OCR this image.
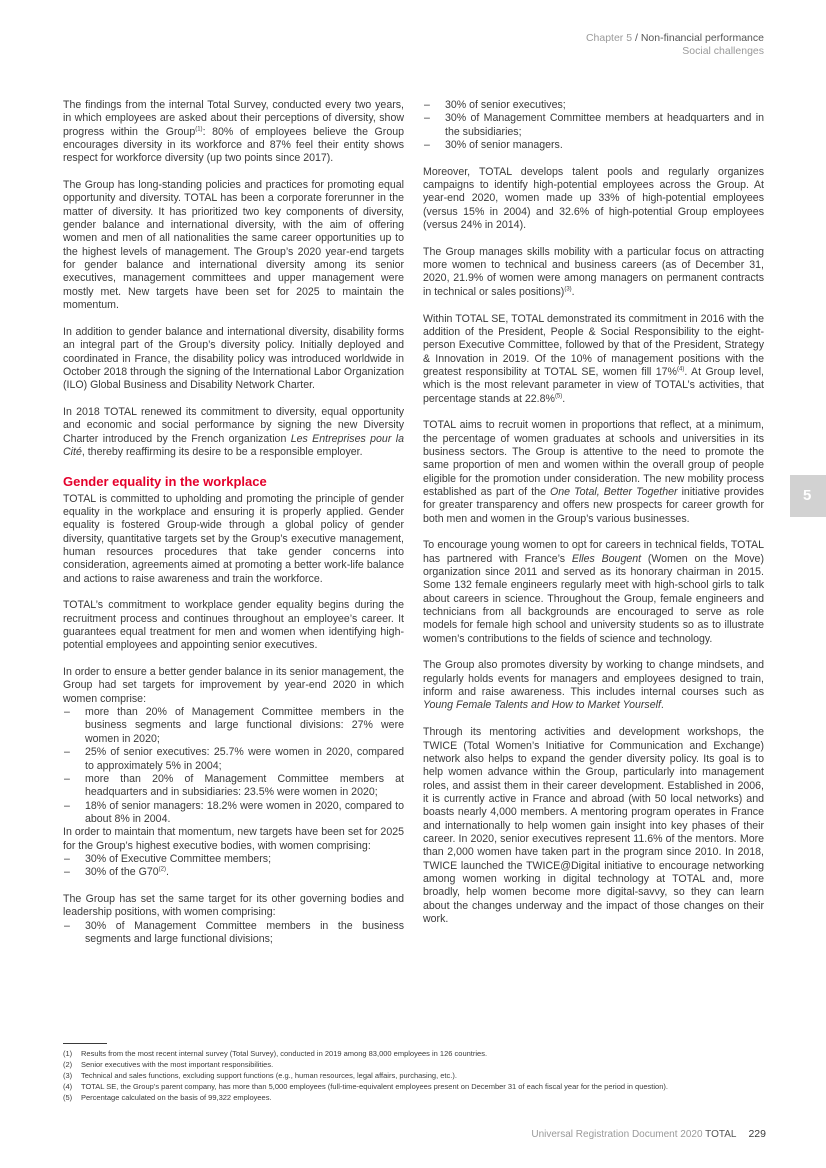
Chapter 5 / Non-financial performance
Social challenges

The findings from the internal Total Survey, conducted every two years, in which employees are asked about their perceptions of diversity, show progress within the Group$^{(1)}$: 80% of employees believe the Group encourages diversity in its workforce and 87% feel their entity shows respect for workforce diversity (up two points since 2017).

The Group has long-standing policies and practices for promoting equal opportunity and diversity. TOTAL has been a corporate forerunner in the matter of diversity. It has prioritized two key components of diversity, gender balance and international diversity, with the aim of offering women and men of all nationalities the same career opportunities up to the highest levels of management. The Group’s 2020 year-end targets for gender balance and international diversity among its senior executives, management committees and upper management were mostly met. New targets have been set for 2025 to maintain the momentum.

In addition to gender balance and international diversity, disability forms an integral part of the Group’s diversity policy. Initially deployed and coordinated in France, the disability policy was introduced worldwide in October 2018 through the signing of the International Labor Organization (ILO) Global Business and Disability Network Charter.

In 2018 TOTAL renewed its commitment to diversity, equal opportunity and economic and social performance by signing the new Diversity Charter introduced by the French organization Les Entreprises pour la Cité, thereby reaffirming its desire to be a responsible employer.

Gender equality in the workplace

TOTAL is committed to upholding and promoting the principle of gender equality in the workplace and ensuring it is properly applied. Gender equality is fostered Group-wide through a global policy of gender diversity, quantitative targets set by the Group’s executive management, human resources procedures that take gender concerns into consideration, agreements aimed at promoting a better work-life balance and actions to raise awareness and train the workforce.

TOTAL’s commitment to workplace gender equality begins during the recruitment process and continues throughout an employee’s career. It guarantees equal treatment for men and women when identifying high-potential employees and appointing senior executives.

In order to ensure a better gender balance in its senior management, the Group had set targets for improvement by year-end 2020 in which women comprise:

– more than 20% of Management Committee members in the business segments and large functional divisions: 27% were women in 2020;
– 25% of senior executives: 25.7% were women in 2020, compared to approximately 5% in 2004;
– more than 20% of Management Committee members at headquarters and in subsidiaries: 23.5% were women in 2020;
– 18% of senior managers: 18.2% were women in 2020, compared to about 8% in 2004.

In order to maintain that momentum, new targets have been set for 2025 for the Group’s highest executive bodies, with women comprising:

– 30% of Executive Committee members;
– 30% of the G70$^{(2)}$.

The Group has set the same target for its other governing bodies and leadership positions, with women comprising:

– 30% of Management Committee members in the business segments and large functional divisions;
– 30% of senior executives;
– 30% of Management Committee members at headquarters and in the subsidiaries;
– 30% of senior managers.

Moreover, TOTAL develops talent pools and regularly organizes campaigns to identify high-potential employees across the Group. At year-end 2020, women made up 33% of high-potential employees (versus 15% in 2004) and 32.6% of high-potential Group employees (versus 24% in 2014).

The Group manages skills mobility with a particular focus on attracting more women to technical and business careers (as of December 31, 2020, 21.9% of women were among managers on permanent contracts in technical or sales positions)$^{(3)}$.

Within TOTAL SE, TOTAL demonstrated its commitment in 2016 with the addition of the President, People & Social Responsibility to the eight-person Executive Committee, followed by that of the President, Strategy & Innovation in 2019. Of the 10% of management positions with the greatest responsibility at TOTAL SE, women fill 17%$^{(4)}$. At Group level, which is the most relevant parameter in view of TOTAL’s activities, that percentage stands at 22.8%$^{(5)}$.

TOTAL aims to recruit women in proportions that reflect, at a minimum, the percentage of women graduates at schools and universities in its business sectors. The Group is attentive to the need to promote the same proportion of men and women within the overall group of people eligible for the promotion under consideration. The new mobility process established as part of the One Total, Better Together initiative provides for greater transparency and offers new prospects for career growth for both men and women in the Group’s various businesses.

To encourage young women to opt for careers in technical fields, TOTAL has partnered with France’s Elles Bougent (Women on the Move) organization since 2011 and served as its honorary chairman in 2015. Some 132 female engineers regularly meet with high-school girls to talk about careers in science. Throughout the Group, female engineers and technicians from all backgrounds are encouraged to serve as role models for female high school and university students so as to illustrate women’s contributions to the fields of science and technology.

The Group also promotes diversity by working to change mindsets, and regularly holds events for managers and employees designed to train, inform and raise awareness. This includes internal courses such as Young Female Talents and How to Market Yourself.

Through its mentoring activities and development workshops, the TWICE (Total Women’s Initiative for Communication and Exchange) network also helps to expand the gender diversity policy. Its goal is to help women advance within the Group, particularly into management roles, and assist them in their career development. Established in 2006, it is currently active in France and abroad (with 50 local networks) and boasts nearly 4,000 members. A mentoring program operates in France and internationally to help women gain insight into key phases of their career. In 2020, senior executives represent 11.6% of the mentors. More than 2,000 women have taken part in the program since 2010. In 2018, TWICE launched the TWICE@Digital initiative to encourage networking among women working in digital technology at TOTAL and, more broadly, help women become more digital-savvy, so they can learn about the changes underway and the impact of those changes on their work.

5
(1) Results from the most recent internal survey (Total Survey), conducted in 2019 among 83,000 employees in 126 countries.
(2) Senior executives with the most important responsibilities.
(3) Technical and sales functions, excluding support functions (e.g., human resources, legal affairs, purchasing, etc.).
(4) TOTAL SE, the Group’s parent company, has more than 5,000 employees (full-time-equivalent employees present on December 31 of each fiscal year for the period in question).
(5) Percentage calculated on the basis of 99,322 employees.
Universal Registration Document 2020 TOTAL 229
